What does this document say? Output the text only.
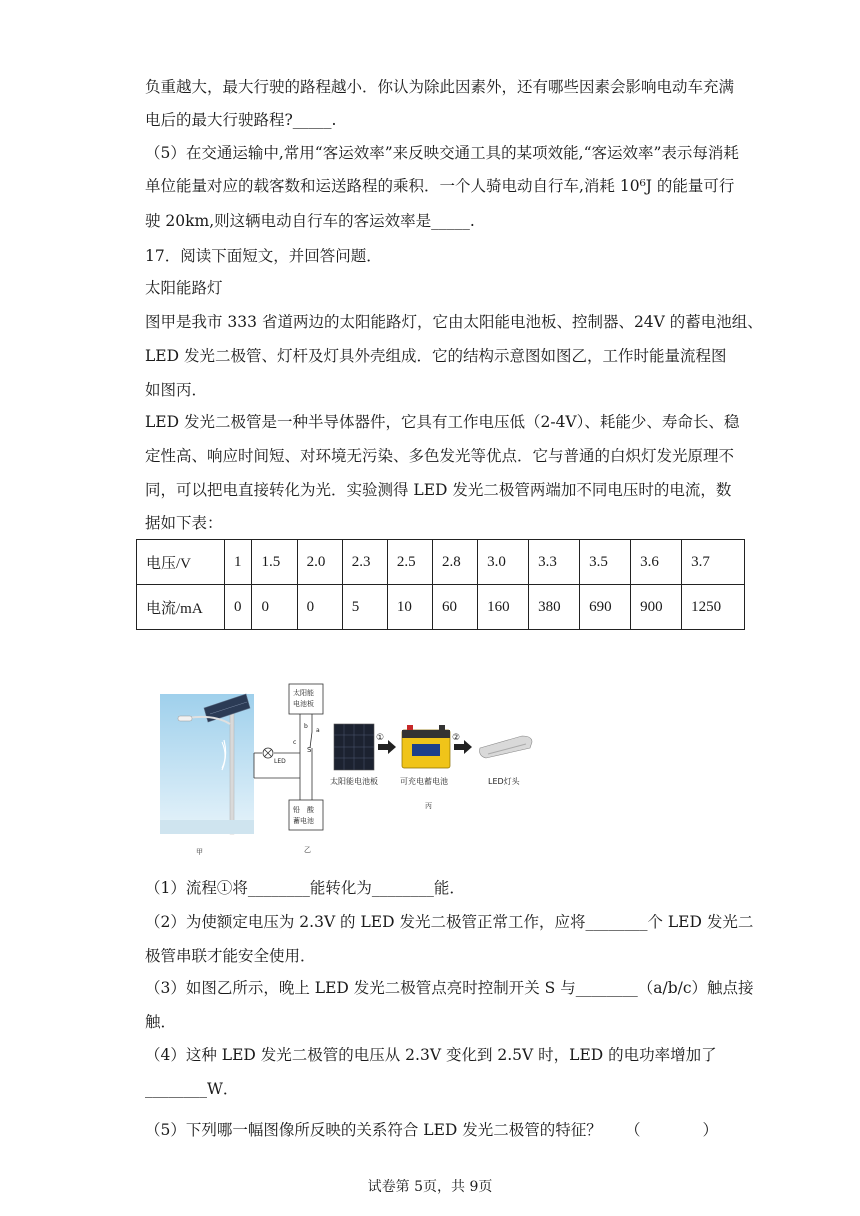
负重越大，最大行驶的路程越小．你认为除此因素外，还有哪些因素会影响电动车充满
电后的最大行驶路程?_____.
（5）在交通运输中,常用“客运效率”来反映交通工具的某项效能,“客运效率”表示每消耗
单位能量对应的载客数和运送路程的乘积．一个人骑电动自行车,消耗 10⁶J 的能量可行
驶 20km,则这辆电动自行车的客运效率是_____.
17．阅读下面短文，并回答问题．
太阳能路灯
图甲是我市 333 省道两边的太阳能路灯，它由太阳能电池板、控制器、24V 的蓄电池组、
LED 发光二极管、灯杆及灯具外壳组成．它的结构示意图如图乙，工作时能量流程图
如图丙．
LED 发光二极管是一种半导体器件，它具有工作电压低（2-4V）、耗能少、寿命长、稳
定性高、响应时间短、对环境无污染、多色发光等优点．它与普通的白炽灯发光原理不
同，可以把电直接转化为光．实验测得 LED 发光二极管两端加不同电压时的电流，数
据如下表：
电压/V	1	1.5	2.0	2.3	2.5	2.8	3.0	3.3	3.5	3.6	3.7
电流/mA	0	0	0	5	10	60	160	380	690	900	1250
甲
太阳能
电池板
铅　酸
蓄电池
LED
a
b
c
S
乙
①	②
太阳能电池板	可充电蓄电池	LED灯头
丙
（1）流程①将________能转化为________能．
（2）为使额定电压为 2.3V 的 LED 发光二极管正常工作，应将________个 LED 发光二
极管串联才能安全使用．
（3）如图乙所示，晚上 LED 发光二极管点亮时控制开关 S 与________（a/b/c）触点接
触．
（4）这种 LED 发光二极管的电压从 2.3V 变化到 2.5V 时，LED 的电功率增加了
________W．
（5）下列哪一幅图像所反映的关系符合 LED 发光二极管的特征？　　（　　　　）
试卷第 5页，共 9页
